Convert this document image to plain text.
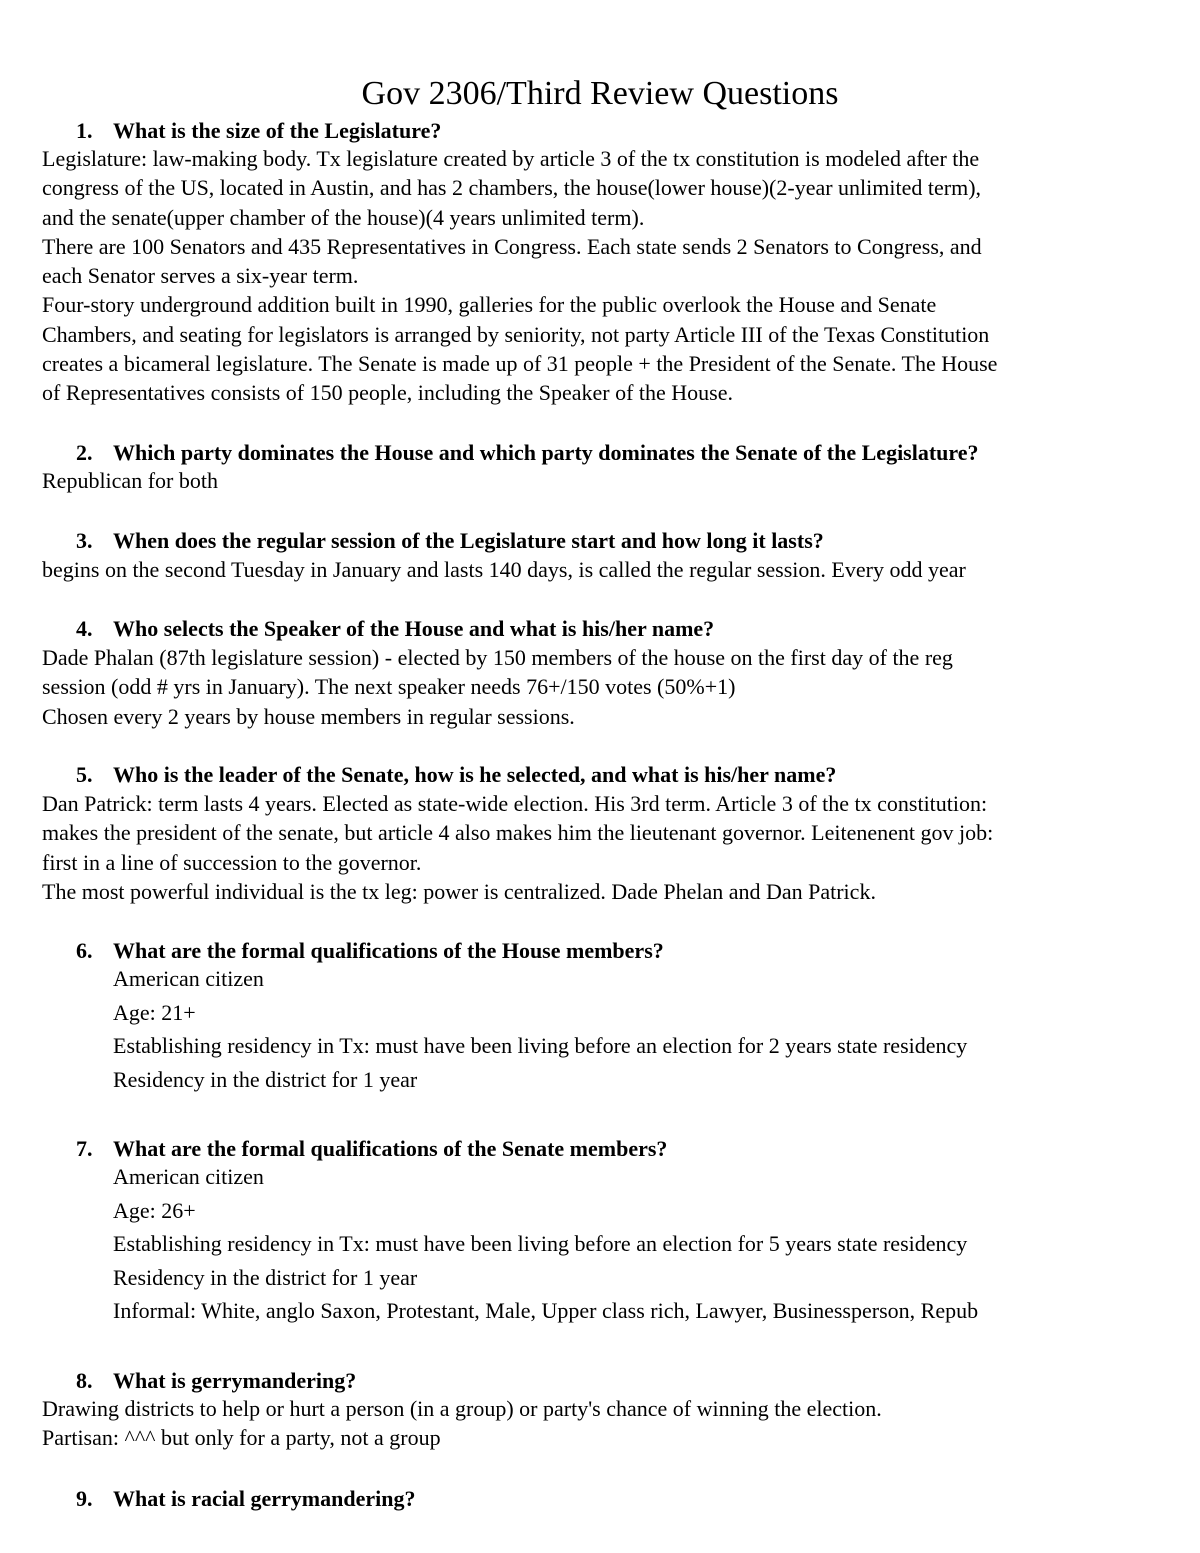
Gov 2306/Third Review Questions
1. What is the size of the Legislature?
Legislature: law-making body. Tx legislature created by article 3 of the tx constitution is modeled after the
congress of the US, located in Austin, and has 2 chambers, the house(lower house)(2-year unlimited term),
and the senate(upper chamber of the house)(4 years unlimited term).
There are 100 Senators and 435 Representatives in Congress. Each state sends 2 Senators to Congress, and
each Senator serves a six-year term.
Four-story underground addition built in 1990, galleries for the public overlook the House and Senate
Chambers, and seating for legislators is arranged by seniority, not party Article III of the Texas Constitution
creates a bicameral legislature. The Senate is made up of 31 people + the President of the Senate. The House
of Representatives consists of 150 people, including the Speaker of the House.
2. Which party dominates the House and which party dominates the Senate of the Legislature?
Republican for both
3. When does the regular session of the Legislature start and how long it lasts?
begins on the second Tuesday in January and lasts 140 days, is called the regular session. Every odd year
4. Who selects the Speaker of the House and what is his/her name?
Dade Phalan (87th legislature session) - elected by 150 members of the house on the first day of the reg
session (odd # yrs in January). The next speaker needs 76+/150 votes (50%+1)
Chosen every 2 years by house members in regular sessions.
5. Who is the leader of the Senate, how is he selected, and what is his/her name?
Dan Patrick: term lasts 4 years. Elected as state-wide election. His 3rd term. Article 3 of the tx constitution:
makes the president of the senate, but article 4 also makes him the lieutenant governor. Leitenenent gov job:
first in a line of succession to the governor.
The most powerful individual is the tx leg: power is centralized. Dade Phelan and Dan Patrick.
6. What are the formal qualifications of the House members?
American citizen
Age: 21+
Establishing residency in Tx: must have been living before an election for 2 years state residency
Residency in the district for 1 year
7. What are the formal qualifications of the Senate members?
American citizen
Age: 26+
Establishing residency in Tx: must have been living before an election for 5 years state residency
Residency in the district for 1 year
Informal: White, anglo Saxon, Protestant, Male, Upper class rich, Lawyer, Businessperson, Repub
8. What is gerrymandering?
Drawing districts to help or hurt a person (in a group) or party's chance of winning the election.
Partisan: ^^^ but only for a party, not a group
9. What is racial gerrymandering?
